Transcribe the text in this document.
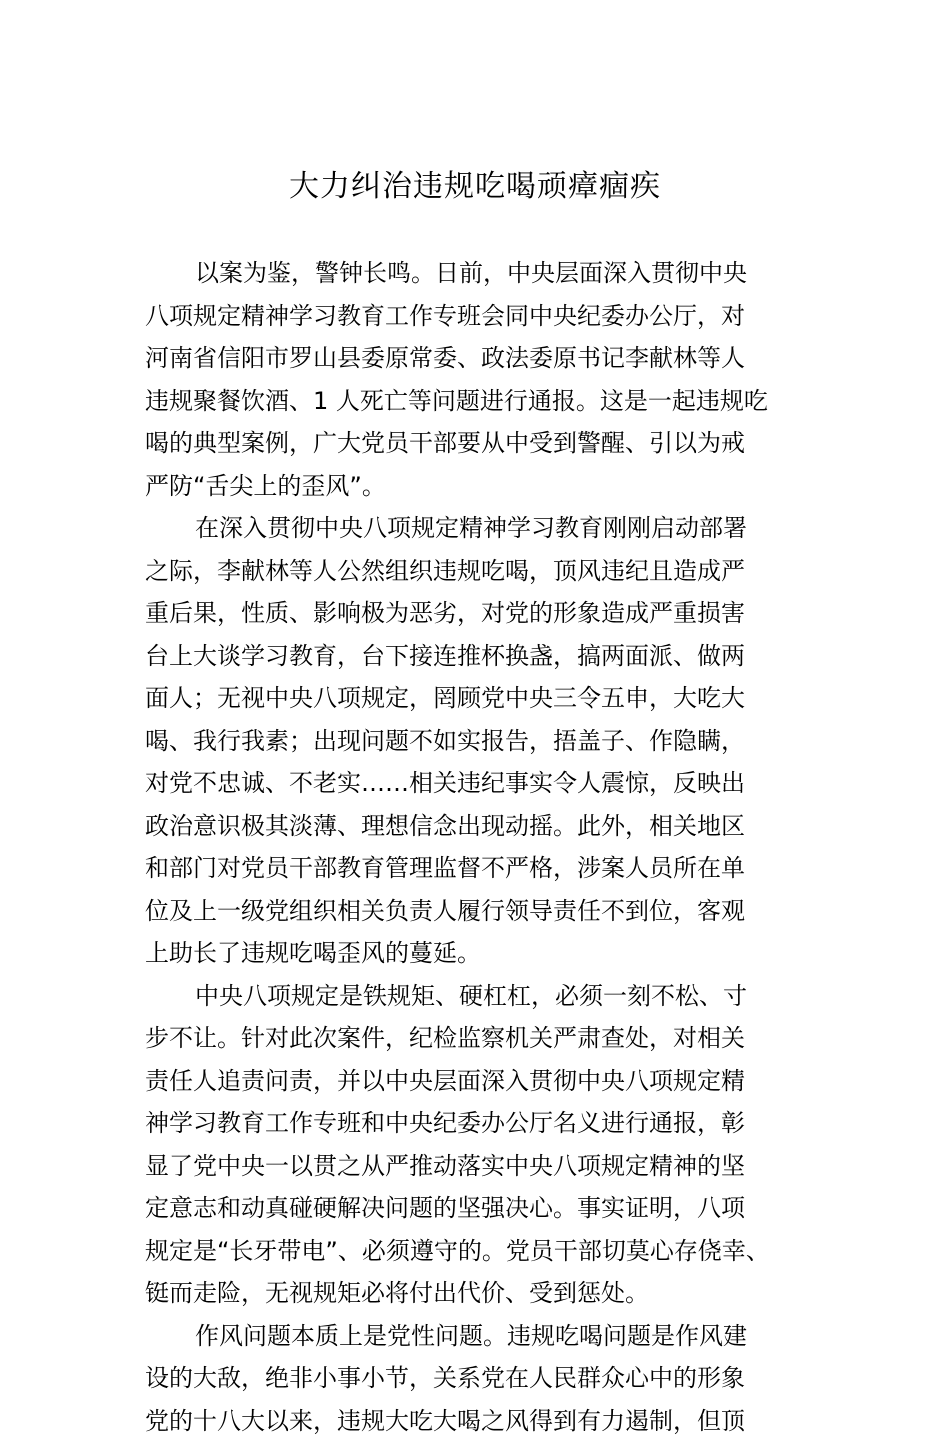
大力纠治违规吃喝顽瘴痼疾
以案为鉴，警钟长鸣。日前，中央层面深入贯彻中央
八项规定精神学习教育工作专班会同中央纪委办公厅，对
河南省信阳市罗山县委原常委、政法委原书记李献林等人
违规聚餐饮酒、1 人死亡等问题进行通报。这是一起违规吃
喝的典型案例，广大党员干部要从中受到警醒、引以为戒
严防“舌尖上的歪风”。
在深入贯彻中央八项规定精神学习教育刚刚启动部署
之际，李献林等人公然组织违规吃喝，顶风违纪且造成严
重后果，性质、影响极为恶劣，对党的形象造成严重损害
台上大谈学习教育，台下接连推杯换盏，搞两面派、做两
面人；无视中央八项规定，罔顾党中央三令五申，大吃大
喝、我行我素；出现问题不如实报告，捂盖子、作隐瞒，
对党不忠诚、不老实……相关违纪事实令人震惊，反映出
政治意识极其淡薄、理想信念出现动摇。此外，相关地区
和部门对党员干部教育管理监督不严格，涉案人员所在单
位及上一级党组织相关负责人履行领导责任不到位，客观
上助长了违规吃喝歪风的蔓延。
中央八项规定是铁规矩、硬杠杠，必须一刻不松、寸
步不让。针对此次案件，纪检监察机关严肃查处，对相关
责任人追责问责，并以中央层面深入贯彻中央八项规定精
神学习教育工作专班和中央纪委办公厅名义进行通报，彰
显了党中央一以贯之从严推动落实中央八项规定精神的坚
定意志和动真碰硬解决问题的坚强决心。事实证明，八项
规定是“长牙带电”、必须遵守的。党员干部切莫心存侥幸、
铤而走险，无视规矩必将付出代价、受到惩处。
作风问题本质上是党性问题。违规吃喝问题是作风建
设的大敌，绝非小事小节，关系党在人民群众心中的形象
党的十八大以来，违规大吃大喝之风得到有力遏制，但顶
